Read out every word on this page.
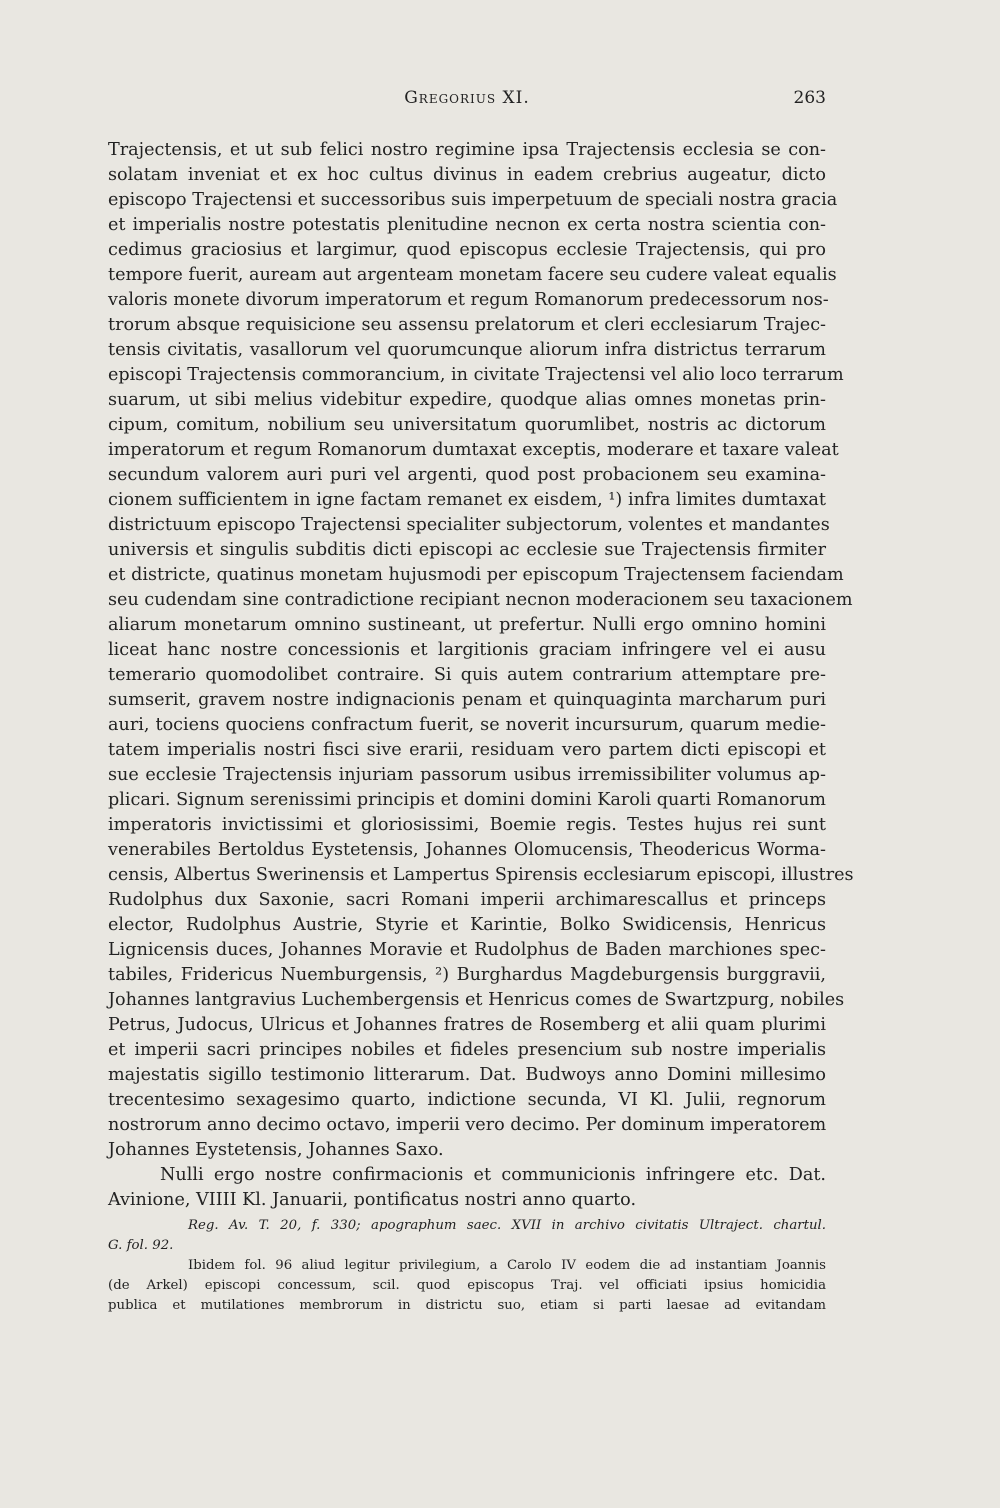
Gregorius XI.	263
Trajectensis, et ut sub felici nostro regimine ipsa Trajectensis ecclesia se con-
solatam inveniat et ex hoc cultus divinus in eadem crebrius augeatur, dicto
episcopo Trajectensi et successoribus suis imperpetuum de speciali nostra gracia
et imperialis nostre potestatis plenitudine necnon ex certa nostra scientia con-
cedimus graciosius et largimur, quod episcopus ecclesie Trajectensis, qui pro
tempore fuerit, auream aut argenteam monetam facere seu cudere valeat equalis
valoris monete divorum imperatorum et regum Romanorum predecessorum nos-
trorum absque requisicione seu assensu prelatorum et cleri ecclesiarum Trajec-
tensis civitatis, vasallorum vel quorumcunque aliorum infra districtus terrarum
episcopi Trajectensis commorancium, in civitate Trajectensi vel alio loco terrarum
suarum, ut sibi melius videbitur expedire, quodque alias omnes monetas prin-
cipum, comitum, nobilium seu universitatum quorumlibet, nostris ac dictorum
imperatorum et regum Romanorum dumtaxat exceptis, moderare et taxare valeat
secundum valorem auri puri vel argenti, quod post probacionem seu examina-
cionem sufficientem in igne factam remanet ex eisdem, ¹) infra limites dumtaxat
districtuum episcopo Trajectensi specialiter subjectorum, volentes et mandantes
universis et singulis subditis dicti episcopi ac ecclesie sue Trajectensis firmiter
et districte, quatinus monetam hujusmodi per episcopum Trajectensem faciendam
seu cudendam sine contradictione recipiant necnon moderacionem seu taxacionem
aliarum monetarum omnino sustineant, ut prefertur. Nulli ergo omnino homini
liceat hanc nostre concessionis et largitionis graciam infringere vel ei ausu
temerario quomodolibet contraire. Si quis autem contrarium attemptare pre-
sumserit, gravem nostre indignacionis penam et quinquaginta marcharum puri
auri, tociens quociens confractum fuerit, se noverit incursurum, quarum medie-
tatem imperialis nostri fisci sive erarii, residuam vero partem dicti episcopi et
sue ecclesie Trajectensis injuriam passorum usibus irremissibiliter volumus ap-
plicari. Signum serenissimi principis et domini domini Karoli quarti Romanorum
imperatoris invictissimi et gloriosissimi, Boemie regis. Testes hujus rei sunt
venerabiles Bertoldus Eystetensis, Johannes Olomucensis, Theodericus Worma-
censis, Albertus Swerinensis et Lampertus Spirensis ecclesiarum episcopi, illustres
Rudolphus dux Saxonie, sacri Romani imperii archimarescallus et princeps
elector, Rudolphus Austrie, Styrie et Karintie, Bolko Swidicensis, Henricus
Lignicensis duces, Johannes Moravie et Rudolphus de Baden marchiones spec-
tabiles, Fridericus Nuemburgensis, ²) Burghardus Magdeburgensis burggravii,
Johannes lantgravius Luchembergensis et Henricus comes de Swartzpurg, nobiles
Petrus, Judocus, Ulricus et Johannes fratres de Rosemberg et alii quam plurimi
et imperii sacri principes nobiles et fideles presencium sub nostre imperialis
majestatis sigillo testimonio litterarum. Dat. Budwoys anno Domini millesimo
trecentesimo sexagesimo quarto, indictione secunda, VI Kl. Julii, regnorum
nostrorum anno decimo octavo, imperii vero decimo. Per dominum imperatorem
Johannes Eystetensis, Johannes Saxo.
Nulli ergo nostre confirmacionis et communicionis infringere etc. Dat.
Avinione, VIIII Kl. Januarii, pontificatus nostri anno quarto.
Reg. Av. T. 20, f. 330; apographum saec. XVII in archivo civitatis Ultraject. chartul.
G. fol. 92.
Ibidem fol. 96 aliud legitur privilegium, a Carolo IV eodem die ad instantiam Joannis
(de Arkel) episcopi concessum, scil. quod episcopus Traj. vel officiati ipsius homicidia
publica et mutilationes membrorum in districtu suo, etiam si parti laesae ad evitandam
